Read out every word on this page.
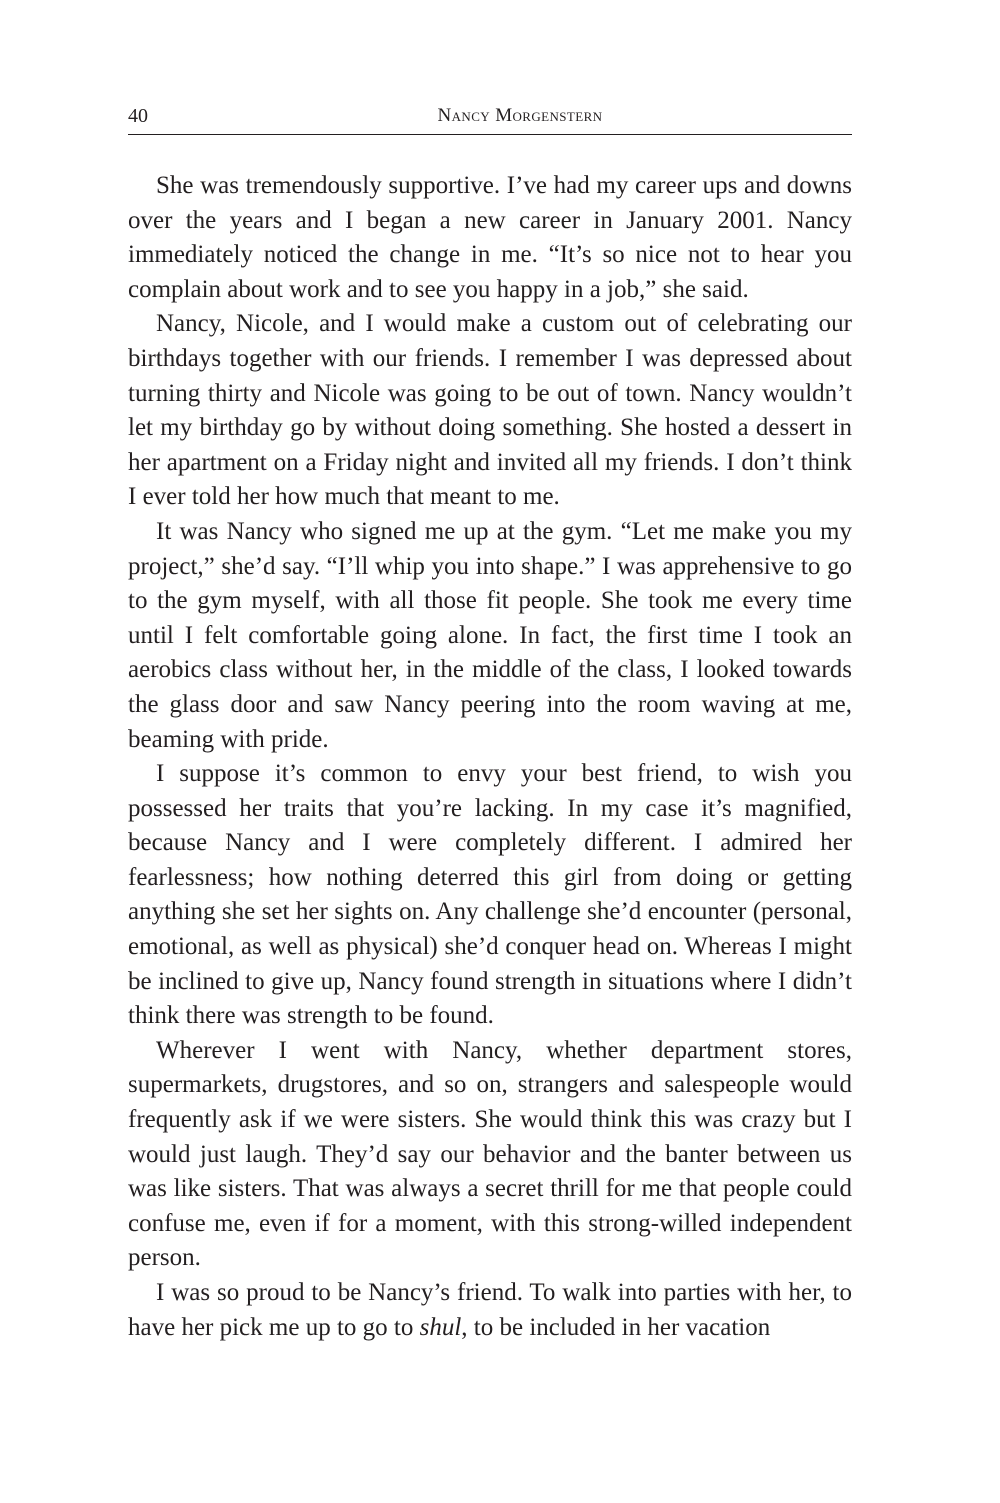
40	Nancy Morgenstern

She was tremendously supportive. I’ve had my career ups and downs over the years and I began a new career in January 2001. Nancy immediately noticed the change in me. “It’s so nice not to hear you complain about work and to see you happy in a job,” she said.

Nancy, Nicole, and I would make a custom out of celebrating our birthdays together with our friends. I remember I was depressed about turning thirty and Nicole was going to be out of town. Nancy wouldn’t let my birthday go by without doing something. She hosted a dessert in her apartment on a Friday night and invited all my friends. I don’t think I ever told her how much that meant to me.

It was Nancy who signed me up at the gym. “Let me make you my project,” she’d say. “I’ll whip you into shape.” I was apprehensive to go to the gym myself, with all those fit people. She took me every time until I felt comfortable going alone. In fact, the first time I took an aerobics class without her, in the middle of the class, I looked towards the glass door and saw Nancy peering into the room waving at me, beaming with pride.

I suppose it’s common to envy your best friend, to wish you possessed her traits that you’re lacking. In my case it’s magnified, because Nancy and I were completely different. I admired her fearlessness; how nothing deterred this girl from doing or getting anything she set her sights on. Any challenge she’d encounter (personal, emotional, as well as physical) she’d conquer head on. Whereas I might be inclined to give up, Nancy found strength in situations where I didn’t think there was strength to be found.

Wherever I went with Nancy, whether department stores, supermarkets, drugstores, and so on, strangers and salespeople would frequently ask if we were sisters. She would think this was crazy but I would just laugh. They’d say our behavior and the banter between us was like sisters. That was always a secret thrill for me that people could confuse me, even if for a moment, with this strong-willed independent person.

I was so proud to be Nancy’s friend. To walk into parties with her, to have her pick me up to go to shul, to be included in her vacation
